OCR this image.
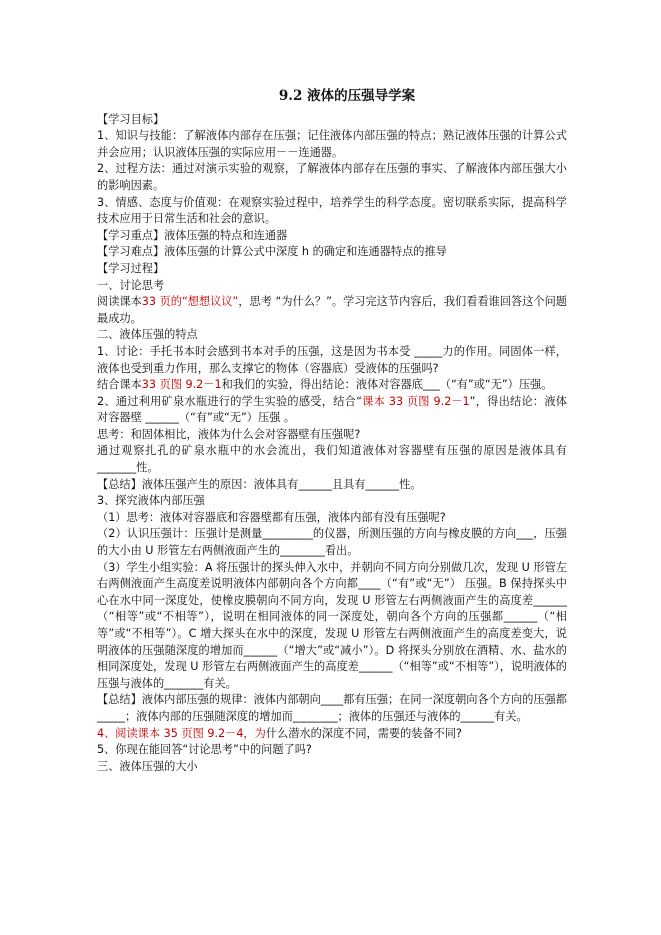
9.2 液体的压强导学案
【学习目标】
1、知识与技能：了解液体内部存在压强；记住液体内部压强的特点；熟记液体压强的计算公式并会应用；认识液体压强的实际应用－－连通器。
2、过程方法：通过对演示实验的观察，了解液体内部存在压强的事实、了解液体内部压强大小的影响因素。
3、情感、态度与价值观：在观察实验过程中，培养学生的科学态度。密切联系实际，提高科学技术应用于日常生活和社会的意识。
【学习重点】液体压强的特点和连通器
【学习难点】液体压强的计算公式中深度 h 的确定和连通器特点的推导
【学习过程】
一、讨论思考
阅读课本33 页的“想想议议”，思考 “为什么？”。学习完这节内容后，我们看看谁回答这个问题最成功。
二、液体压强的特点
1、讨论：手托书本时会感到书本对手的压强，这是因为书本受 _____力的作用。同固体一样，液体也受到重力作用，那么支撑它的物体（容器底）受液体的压强吗?
结合课本33 页图 9.2－1和我们的实验，得出结论：液体对容器底___（“有”或“无”）压强。
2、通过利用矿泉水瓶进行的学生实验的感受，结合“课本 33 页图 9.2－1”，得出结论：液体对容器壁 ______（“有”或“无”）压强 。
思考：和固体相比，液体为什么会对容器壁有压强呢?
通过观察扎孔的矿泉水瓶中的水会流出，我们知道液体对容器壁有压强的原因是液体具有_______性。
【总结】液体压强产生的原因：液体具有______且具有______性。
3、探究液体内部压强
（1）思考：液体对容器底和容器壁都有压强，液体内部有没有压强呢?
（2）认识压强计：压强计是测量_________的仪器，所测压强的方向与橡皮膜的方向___，压强的大小由 U 形管左右两侧液面产生的________看出。
（3）学生小组实验：A 将压强计的探头伸入水中，并朝向不同方向分别做几次，发现 U 形管左右两侧液面产生高度差说明液体内部朝向各个方向都____（“有”或“无”） 压强。B 保持探头中心在水中同一深度处，使橡皮膜朝向不同方向，发现 U 形管左右两侧液面产生的高度差______（“相等”或“不相等”），说明在相同液体的同一深度处，朝向各个方向的压强都______（“相等”或“不相等”）。C 增大探头在水中的深度，发现 U 形管左右两侧液面产生的高度差变大，说明液体的压强随深度的增加而______（“增大”或“减小”）。D 将探头分别放在酒精、水、盐水的相同深度处，发现 U 形管左右两侧液面产生的高度差______（“相等”或“不相等”），说明液体的压强与液体的_______有关。
【总结】液体内部压强的规律：液体内部朝向____都有压强；在同一深度朝向各个方向的压强都_____；液体内部的压强随深度的增加而________；液体的压强还与液体的______有关。
4、阅读课本 35 页图 9.2－4，为什么潜水的深度不同，需要的装备不同?
5、你现在能回答“讨论思考”中的问题了吗?
三、液体压强的大小
